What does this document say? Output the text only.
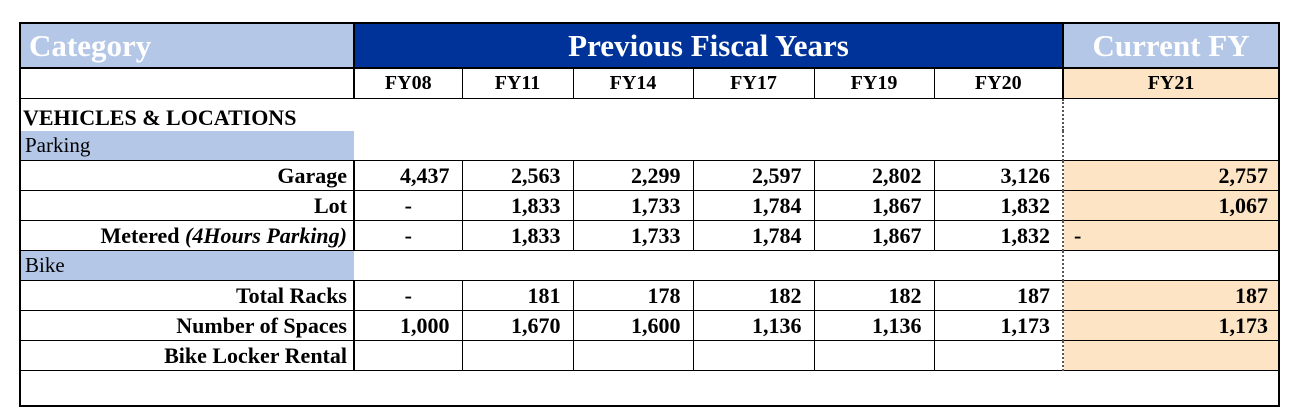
Category	Previous Fiscal Years						Current FY
	FY08	FY11	FY14	FY17	FY19	FY20	FY21
VEHICLES & LOCATIONS							
Parking							
Garage	4,437	2,563	2,299	2,597	2,802	3,126	2,757
Lot	-	1,833	1,733	1,784	1,867	1,832	1,067
Metered (4Hours Parking)	-	1,833	1,733	1,784	1,867	1,832	-
Bike							
Total Racks	-	181	178	182	182	187	187
Number of Spaces	1,000	1,670	1,600	1,136	1,136	1,173	1,173
Bike Locker Rental							
